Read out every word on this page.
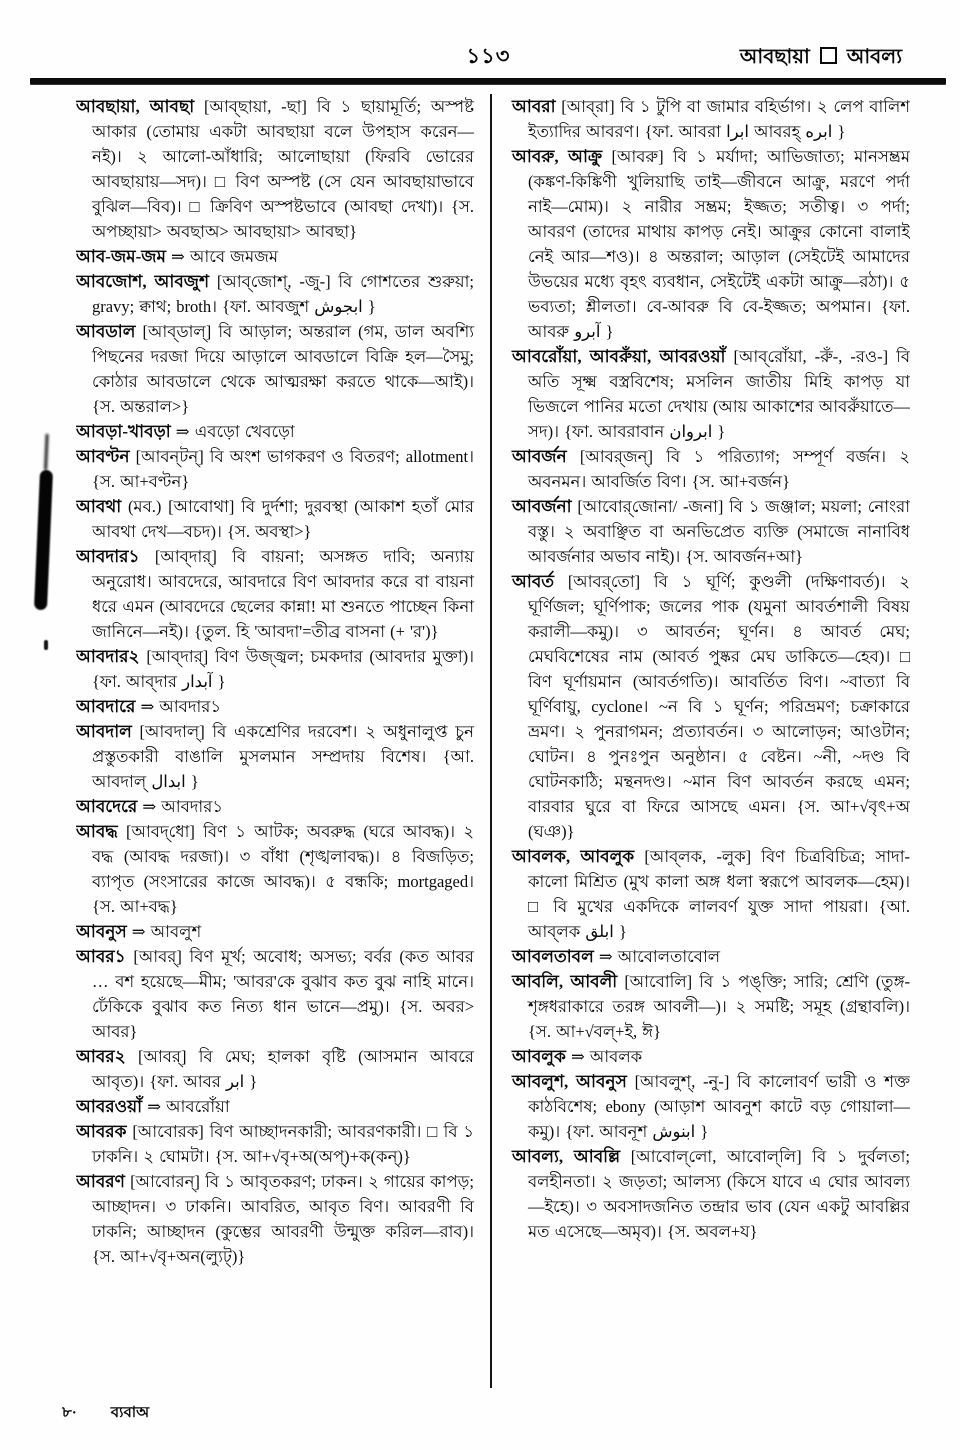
১১৩	আবছায়া আবল্য

আবছায়া, আবছা [আব্‌ছায়া, -ছা] বি ১ ছায়ামূর্তি; অস্পষ্ট আকার (তোমায় একটা আবছায়া বলে উপহাস করেন—নই)। ২ আলো-আঁধারি; আলোছায়া (ফিরবি ভোরের আবছায়ায়—সদ)। □ বিণ অস্পষ্ট (সে যেন আবছায়াভাবে বুঝিল—বিব)। □ ক্রিবিণ অস্পষ্টভাবে (আবছা দেখা)। {স. অপচ্ছায়া> অবছাঅ> আবছায়া> আবছা}

আব-জম-জম ⇒ আবে জমজম

আবজোশ, আবজুশ [আব্‌জোশ্‌, -জু-] বি গোশতের শুরুয়া; gravy; ক্বাথ; broth। {ফা. আবজুশ ابجوش }

আবডাল [আব্‌ডাল্‌] বি আড়াল; অন্তরাল (গম, ডাল অবশ্যি পিছনের দরজা দিয়ে আড়ালে আবডালে বিক্রি হল—সৈমু; কোঠার আবডালে থেকে আত্মরক্ষা করতে থাকে—আই)। {স. অন্তরাল>}

আবড়া-খাবড়া ⇒ এবড়ো খেবড়ো

আবণ্টন [আবন্‌টন্‌] বি অংশ ভাগকরণ ও বিতরণ; allotment। {স. আ+বণ্টন}

আবথা (মব.) [আবোথা] বি দুর্দশা; দুরবস্থা (আকাশ হতাঁ মোর আবথা দেখ—বচদ)। {স. অবস্থা>}

আবদার১ [আব্‌দার্‌] বি বায়না; অসঙ্গত দাবি; অন্যায় অনুরোধ। আবদেরে, আবদারে বিণ আবদার করে বা বায়না ধরে এমন (আবদেরে ছেলের কান্না! মা শুনতে পাচ্ছেন কিনা জানিনে—নই)। {তুল. হি 'আবদা'=তীব্র বাসনা (+ 'র')}

আবদার২ [আব্‌দার্‌] বিণ উজ্জ্বল; চমকদার (আবদার মুক্তা)। {ফা. আব্‌দার آبدار }

আবদারে ⇒ আবদার১

আবদাল [আবদাল্‌] বি একশ্রেণির দরবেশ। ২ অধুনালুপ্ত চুন প্রস্তুতকারী বাঙালি মুসলমান সম্প্রদায় বিশেষ। {আ. আবদাল্‌ ابدال }

আবদেরে ⇒ আবদার১

আবদ্ধ [আবদ্‌ধো] বিণ ১ আটক; অবরুদ্ধ (ঘরে আবদ্ধ)। ২ বদ্ধ (আবদ্ধ দরজা)। ৩ বাঁধা (শৃঙ্খলাবদ্ধ)। ৪ বিজড়িত; ব্যাপৃত (সংসারের কাজে আবদ্ধ)। ৫ বন্ধকি; mortgaged। {স. আ+বদ্ধ}

আবনুস ⇒ আবলুশ

আবর১ [আবর্‌] বিণ মূর্খ; অবোধ; অসভ্য; বর্বর (কত আবর … বশ হয়েছে—মীম; 'আবর'কে বুঝাব কত বুঝ নাহি মানে। ঢেঁকিকে বুঝাব কত নিত্য ধান ভানে—প্রমু)। {স. অবর> আবর}

আবর২ [আবর্‌] বি মেঘ; হালকা বৃষ্টি (আসমান আবরে আবৃত)। {ফা. আবর ابر }

আবরওয়াঁ ⇒ আবরোঁয়া

আবরক [আবোরক] বিণ আচ্ছাদনকারী; আবরণকারী। □ বি ১ ঢাকনি। ২ ঘোমটা। {স. আ+√বৃ+অ(অপ্‌)+ক(কন্‌)}

আবরণ [আবোরন্‌] বি ১ আবৃতকরণ; ঢাকন। ২ গায়ের কাপড়; আচ্ছাদন। ৩ ঢাকনি। আবরিত, আবৃত বিণ। আবরণী বি ঢাকনি; আচ্ছাদন (কুম্ভের আবরণী উন্মুক্ত করিল—রাব)। {স. আ+√বৃ+অন(ল্যুট্‌)}

আবরা [আব্‌রা] বি ১ টুপি বা জামার বহির্ভাগ। ২ লেপ বালিশ ইত্যাদির আবরণ। {ফা. আবরা ابرا আবরহ্‌ ابره }

আবরু, আক্রু [আবরু] বি ১ মর্যাদা; আভিজাত্য; মানসম্ভ্রম (কঙ্কণ-কিঙ্কিণী খুলিয়াছি তাই—জীবনে আক্রু, মরণে পর্দা নাই—মোম)। ২ নারীর সম্ভ্রম; ইজ্জত; সতীত্ব। ৩ পর্দা; আবরণ (তাদের মাথায় কাপড় নেই। আক্রুর কোনো বালাই নেই আর—শও)। ৪ অন্তরাল; আড়াল (সেইটেই আমাদের উভয়ের মধ্যে বৃহৎ ব্যবধান, সেইটেই একটা আক্রু—রঠা)। ৫ ভব্যতা; শ্লীলতা। বে-আবরু বি বে-ইজ্জত; অপমান। {ফা. আবরু آبرو }

আবরোঁয়া, আবরুঁয়া, আবরওয়াঁ [আব্‌রোঁয়া, -রুঁ-, -রও-] বি অতি সূক্ষ্ম বস্ত্রবিশেষ; মসলিন জাতীয় মিহি কাপড় যা ভিজলে পানির মতো দেখায় (আয় আকাশের আবরুঁয়াতে—সদ)। {ফা. আবরাবান ابروان }

আবর্জন [আবর্‌জন্‌] বি ১ পরিত্যাগ; সম্পূর্ণ বর্জন। ২ অবনমন। আবর্জিত বিণ। {স. আ+বর্জন}

আবর্জনা [আবোর্‌জোনা/ -জনা] বি ১ জঞ্জাল; ময়লা; নোংরা বস্তু। ২ অবাঞ্ছিত বা অনভিপ্রেত ব্যক্তি (সমাজে নানাবিধ আবর্জনার অভাব নাই)। {স. আবর্জন+আ}

আবর্ত [আবর্‌তো] বি ১ ঘূর্ণি; কুণ্ডলী (দক্ষিণাবর্ত)। ২ ঘূর্ণিজল; ঘূর্ণিপাক; জলের পাক (যমুনা আবর্তশালী বিষয় করালী—কমু)। ৩ আবর্তন; ঘূর্ণন। ৪ আবর্ত মেঘ; মেঘবিশেষের নাম (আবর্ত পুষ্কর মেঘ ডাকিতে—হেব)। □ বিণ ঘূর্ণায়মান (আবর্তগতি)। আবর্তিত বিণ। ~বাত্যা বি ঘূর্ণিবায়ু, cyclone। ~ন বি ১ ঘূর্ণন; পরিভ্রমণ; চক্রাকারে ভ্রমণ। ২ পুনরাগমন; প্রত্যাবর্তন। ৩ আলোড়ন; আওটান; ঘোটন। ৪ পুনঃপুন অনুষ্ঠান। ৫ বেষ্টন। ~নী, ~দণ্ড বি ঘোটনকাঠি; মন্থনদণ্ড। ~মান বিণ আবর্তন করছে এমন; বারবার ঘুরে বা ফিরে আসছে এমন। {স. আ+√বৃৎ+অ (ঘঞ)}

আবলক, আবলুক [আব্‌লক, -লুক] বিণ চিত্রবিচিত্র; সাদা-কালো মিশ্রিত (মুখ কালা অঙ্গ ধলা স্বরূপে আবলক—হেম)। □ বি মুখের একদিকে লালবর্ণ যুক্ত সাদা পায়রা। {আ. আব্‌লক ابلق }

আবলতাবল ⇒ আবোলতাবোল

আবলি, আবলী [আবোলি] বি ১ পঙ্‌ক্তি; সারি; শ্রেণি (তুঙ্গ-শৃঙ্গধরাকারে তরঙ্গ আবলী—)। ২ সমষ্টি; সমূহ (গ্রন্থাবলি)। {স. আ+√বল্‌+ই, ঈ}

আবলুক ⇒ আবলক

আবলুশ, আবনুস [আবলুশ্‌, -নু-] বি কালোবর্ণ ভারী ও শক্ত কাঠবিশেষ; ebony (আড়াশ আবনুশ কাটে বড় গোয়ালা—কমু)। {ফা. আবনূশ ابنوش }

আবল্য, আবল্লি [আবোল্‌লো, আবোল্‌লি] বি ১ দুর্বলতা; বলহীনতা। ২ জড়তা; আলস্য (কিসে যাবে এ ঘোর আবল্য—ইহে)। ৩ অবসাদজনিত তন্দ্রার ভাব (যেন একটু আবল্লির মত এসেছে—অমৃব)। {স. অবল+য}

৮· ব্যবাঅ
